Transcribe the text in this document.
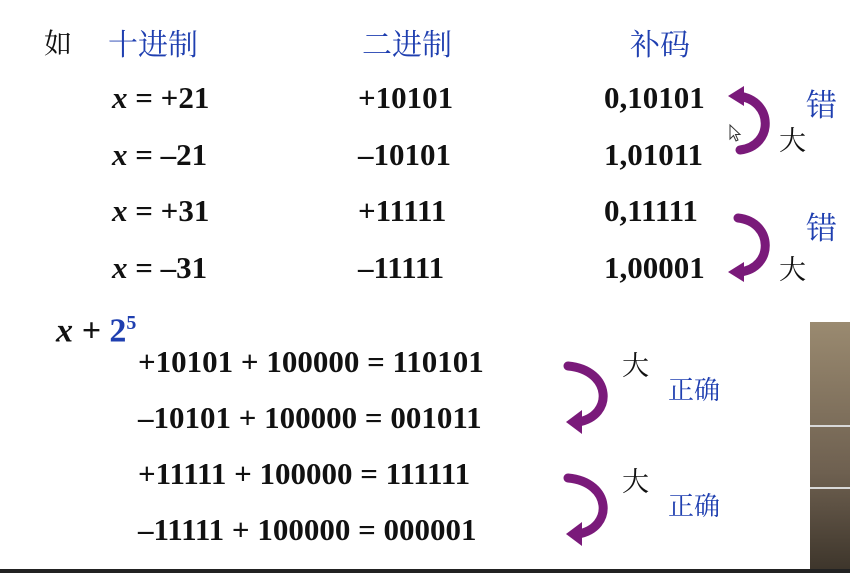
如 十进制	二进制	补码
x = +21	+10101	0,10101
x = –21	–10101	1,01011
x = +31	+11111	0,11111
x = –31	–11111	1,00001
错
大
错
大
$x + 2^5$
+10101 + 100000 = 110101
–10101 + 100000 = 001011
+11111 + 100000 = 111111
–11111 + 100000 = 000001
大
正确
大
正确
